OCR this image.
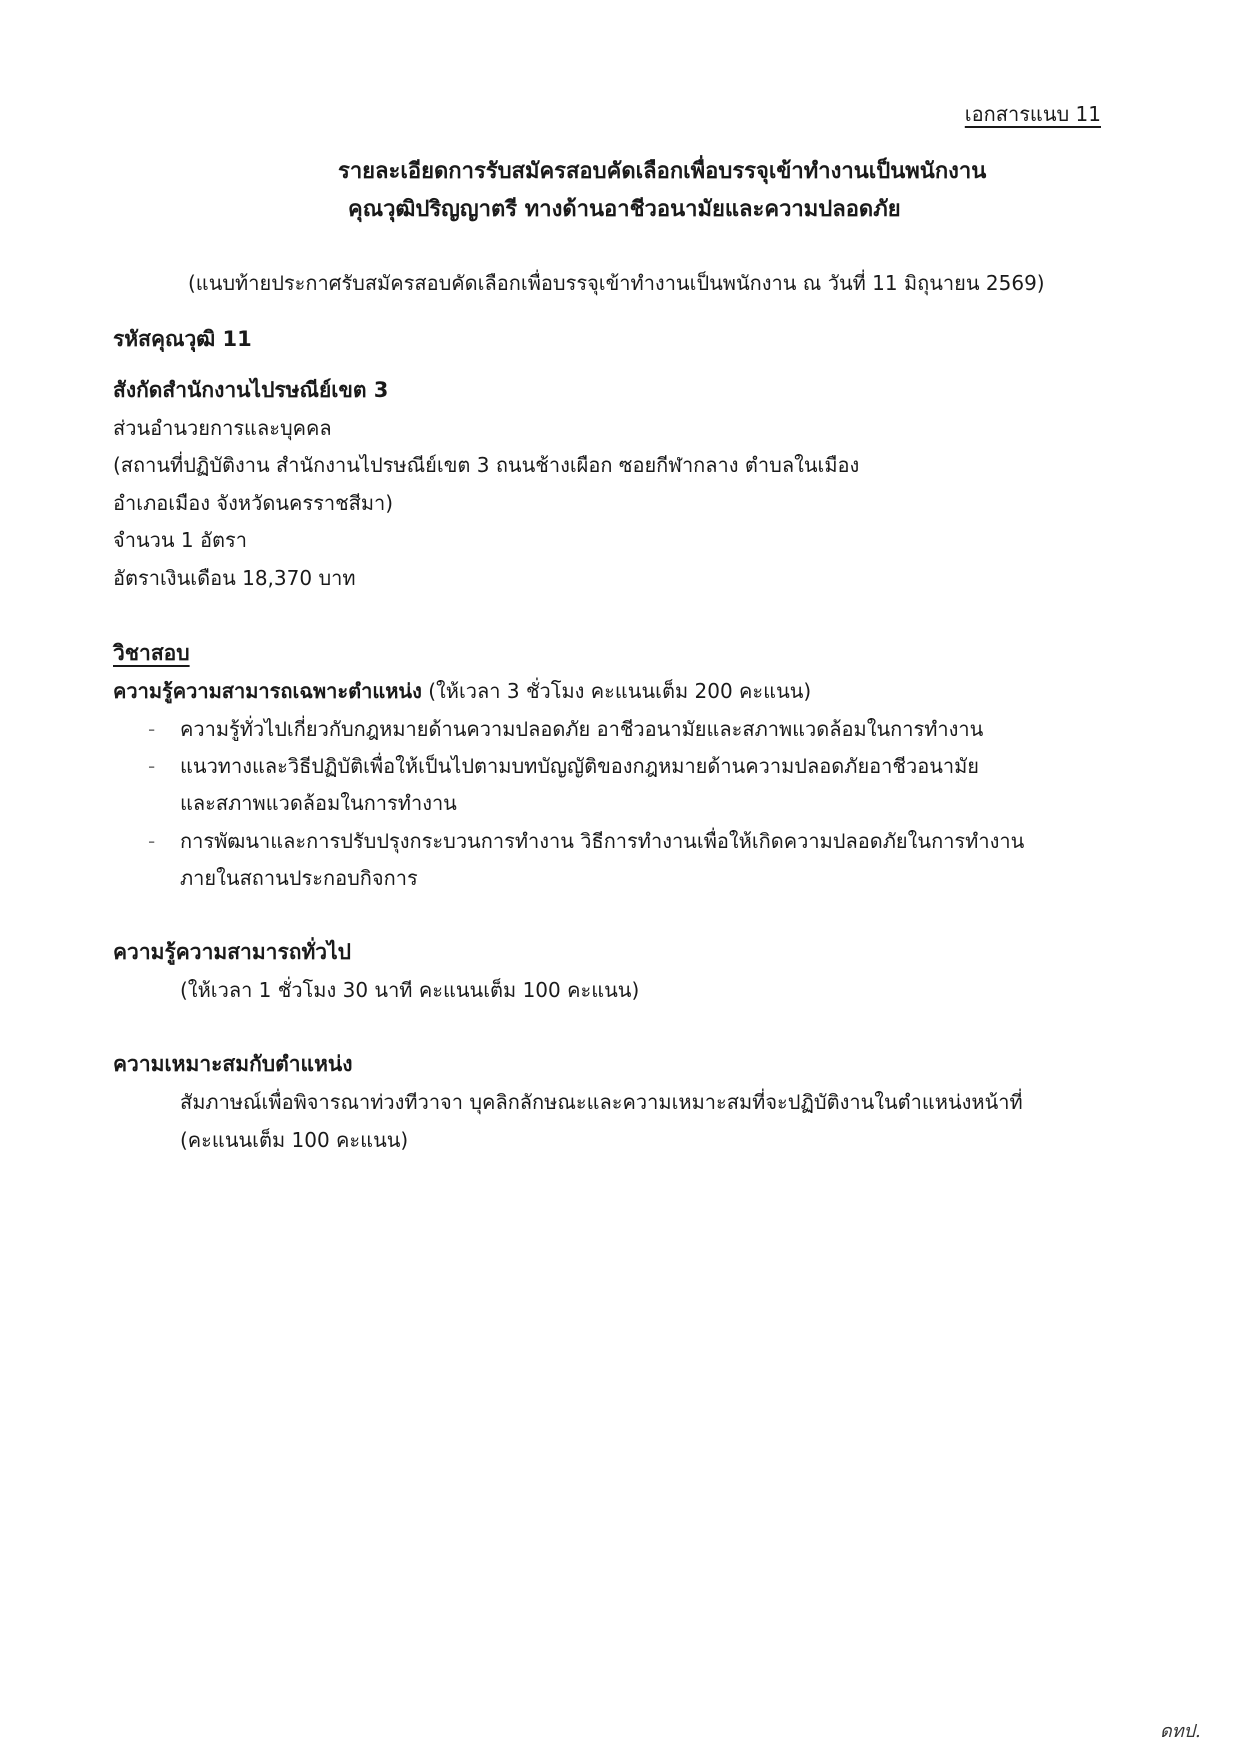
เอกสารแนบ 11
รายละเอียดการรับสมัครสอบคัดเลือกเพื่อบรรจุเข้าทำงานเป็นพนักงาน
คุณวุฒิปริญญาตรี ทางด้านอาชีวอนามัยและความปลอดภัย
(แนบท้ายประกาศรับสมัครสอบคัดเลือกเพื่อบรรจุเข้าทำงานเป็นพนักงาน ณ วันที่ 11 มิถุนายน 2569)
รหัสคุณวุฒิ 11
สังกัดสำนักงานไปรษณีย์เขต 3
ส่วนอำนวยการและบุคคล
(สถานที่ปฏิบัติงาน สำนักงานไปรษณีย์เขต 3 ถนนช้างเผือก ซอยกีฬากลาง ตำบลในเมือง
อำเภอเมือง จังหวัดนครราชสีมา)
จำนวน 1 อัตรา
อัตราเงินเดือน 18,370 บาท
วิชาสอบ
ความรู้ความสามารถเฉพาะตำแหน่ง (ให้เวลา 3 ชั่วโมง คะแนนเต็ม 200 คะแนน)
- ความรู้ทั่วไปเกี่ยวกับกฎหมายด้านความปลอดภัย อาชีวอนามัยและสภาพแวดล้อมในการทำงาน
- แนวทางและวิธีปฏิบัติเพื่อให้เป็นไปตามบทบัญญัติของกฎหมายด้านความปลอดภัยอาชีวอนามัย
และสภาพแวดล้อมในการทำงาน
- การพัฒนาและการปรับปรุงกระบวนการทำงาน วิธีการทำงานเพื่อให้เกิดความปลอดภัยในการทำงาน
ภายในสถานประกอบกิจการ
ความรู้ความสามารถทั่วไป
(ให้เวลา 1 ชั่วโมง 30 นาที คะแนนเต็ม 100 คะแนน)
ความเหมาะสมกับตำแหน่ง
สัมภาษณ์เพื่อพิจารณาท่วงทีวาจา บุคลิกลักษณะและความเหมาะสมที่จะปฏิบัติงานในตำแหน่งหน้าที่
(คะแนนเต็ม 100 คะแนน)
ดทป.
